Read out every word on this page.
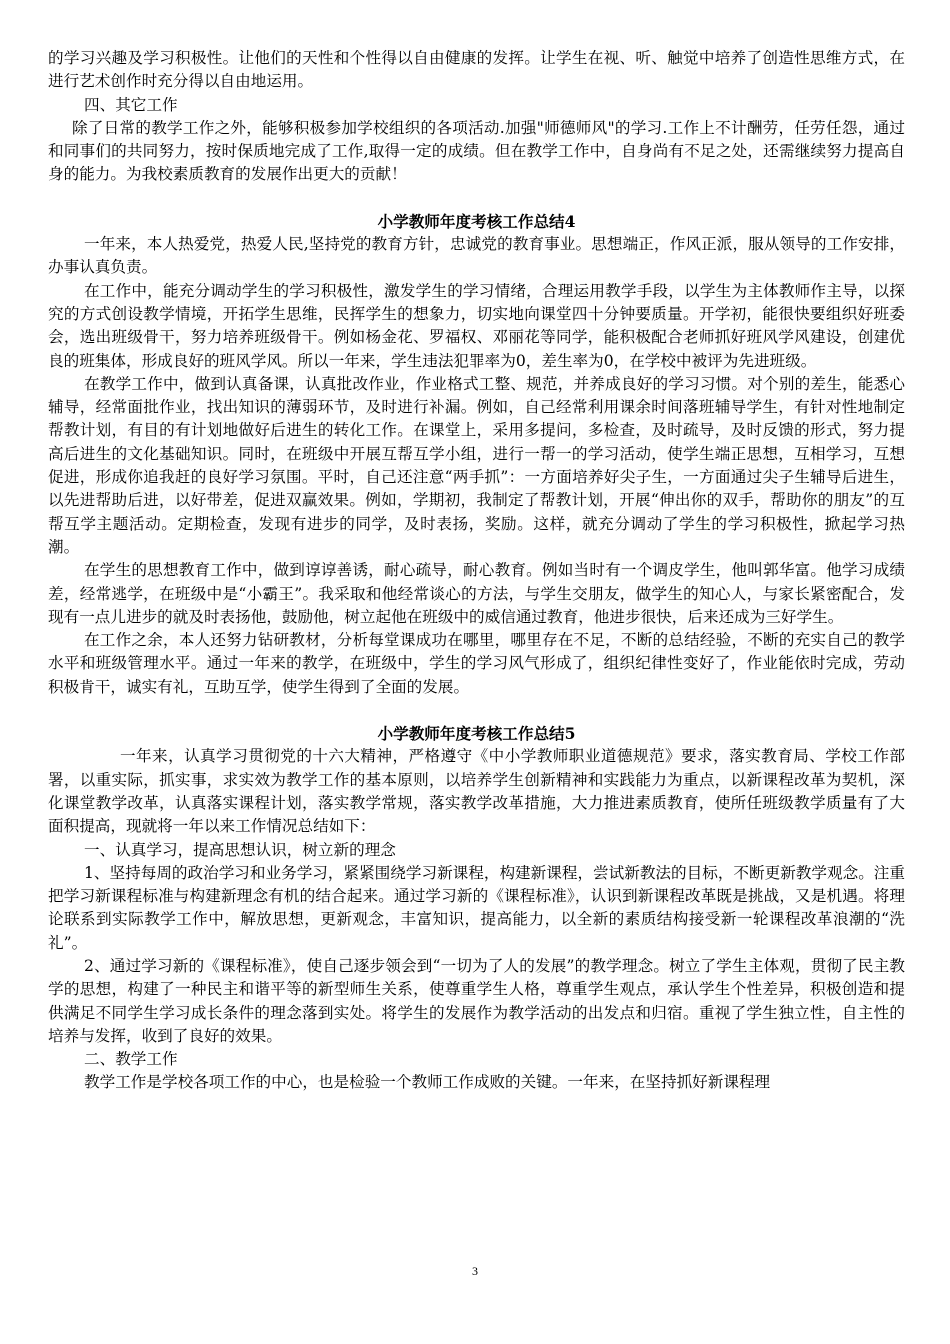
的学习兴趣及学习积极性。让他们的天性和个性得以自由健康的发挥。让学生在视、听、触觉中培养了创造性思维方式，在进行艺术创作时充分得以自由地运用。

四、其它工作

除了日常的教学工作之外，能够积极参加学校组织的各项活动.加强"师德师风"的学习.工作上不计酬劳，任劳任怨，通过和同事们的共同努力，按时保质地完成了工作,取得一定的成绩。但在教学工作中，自身尚有不足之处，还需继续努力提高自身的能力。为我校素质教育的发展作出更大的贡献！

小学教师年度考核工作总结4

一年来，本人热爱党，热爱人民,坚持党的教育方针，忠诚党的教育事业。思想端正，作风正派，服从领导的工作安排，办事认真负责。

在工作中，能充分调动学生的学习积极性，激发学生的学习情绪，合理运用教学手段，以学生为主体教师作主导，以探究的方式创设教学情境，开拓学生思维，民挥学生的想象力，切实地向课堂四十分钟要质量。开学初，能很快要组织好班委会，选出班级骨干，努力培养班级骨干。例如杨金花、罗福权、邓丽花等同学，能积极配合老师抓好班风学风建设，创建优良的班集体，形成良好的班风学风。所以一年来，学生违法犯罪率为0，差生率为0，在学校中被评为先进班级。

在教学工作中，做到认真备课，认真批改作业，作业格式工整、规范，并养成良好的学习习惯。对个别的差生，能悉心辅导，经常面批作业，找出知识的薄弱环节，及时进行补漏。例如，自己经常利用课余时间落班辅导学生，有针对性地制定帮教计划，有目的有计划地做好后进生的转化工作。在课堂上，采用多提问，多检查，及时疏导，及时反馈的形式，努力提高后进生的文化基础知识。同时，在班级中开展互帮互学小组，进行一帮一的学习活动，使学生端正思想，互相学习，互想促进，形成你追我赶的良好学习氛围。平时，自己还注意“两手抓”：一方面培养好尖子生，一方面通过尖子生辅导后进生，以先进帮助后进，以好带差，促进双赢效果。例如，学期初，我制定了帮教计划，开展“伸出你的双手，帮助你的朋友”的互帮互学主题活动。定期检查，发现有进步的同学，及时表扬，奖励。这样，就充分调动了学生的学习积极性，掀起学习热潮。

在学生的思想教育工作中，做到谆谆善诱，耐心疏导，耐心教育。例如当时有一个调皮学生，他叫郭华富。他学习成绩差，经常逃学，在班级中是“小霸王”。我采取和他经常谈心的方法，与学生交朋友，做学生的知心人，与家长紧密配合，发现有一点儿进步的就及时表扬他，鼓励他，树立起他在班级中的威信通过教育，他进步很快，后来还成为三好学生。

在工作之余，本人还努力钻研教材，分析每堂课成功在哪里，哪里存在不足，不断的总结经验，不断的充实自己的教学水平和班级管理水平。通过一年来的教学，在班级中，学生的学习风气形成了，组织纪律性变好了，作业能依时完成，劳动积极肯干，诚实有礼，互助互学，使学生得到了全面的发展。

小学教师年度考核工作总结5

一年来，认真学习贯彻党的十六大精神，严格遵守《中小学教师职业道德规范》要求，落实教育局、学校工作部署，以重实际，抓实事，求实效为教学工作的基本原则，以培养学生创新精神和实践能力为重点，以新课程改革为契机，深化课堂教学改革，认真落实课程计划，落实教学常规，落实教学改革措施，大力推进素质教育，使所任班级教学质量有了大面积提高，现就将一年以来工作情况总结如下：

一、认真学习，提高思想认识，树立新的理念

1、坚持每周的政治学习和业务学习，紧紧围绕学习新课程，构建新课程，尝试新教法的目标，不断更新教学观念。注重把学习新课程标准与构建新理念有机的结合起来。通过学习新的《课程标准》，认识到新课程改革既是挑战，又是机遇。将理论联系到实际教学工作中，解放思想，更新观念，丰富知识，提高能力，以全新的素质结构接受新一轮课程改革浪潮的“洗礼”。

2、通过学习新的《课程标准》，使自己逐步领会到“一切为了人的发展”的教学理念。树立了学生主体观，贯彻了民主教学的思想，构建了一种民主和谐平等的新型师生关系，使尊重学生人格，尊重学生观点，承认学生个性差异，积极创造和提供满足不同学生学习成长条件的理念落到实处。将学生的发展作为教学活动的出发点和归宿。重视了学生独立性，自主性的培养与发挥，收到了良好的效果。

二、教学工作

教学工作是学校各项工作的中心，也是检验一个教师工作成败的关键。一年来，在坚持抓好新课程理

3
